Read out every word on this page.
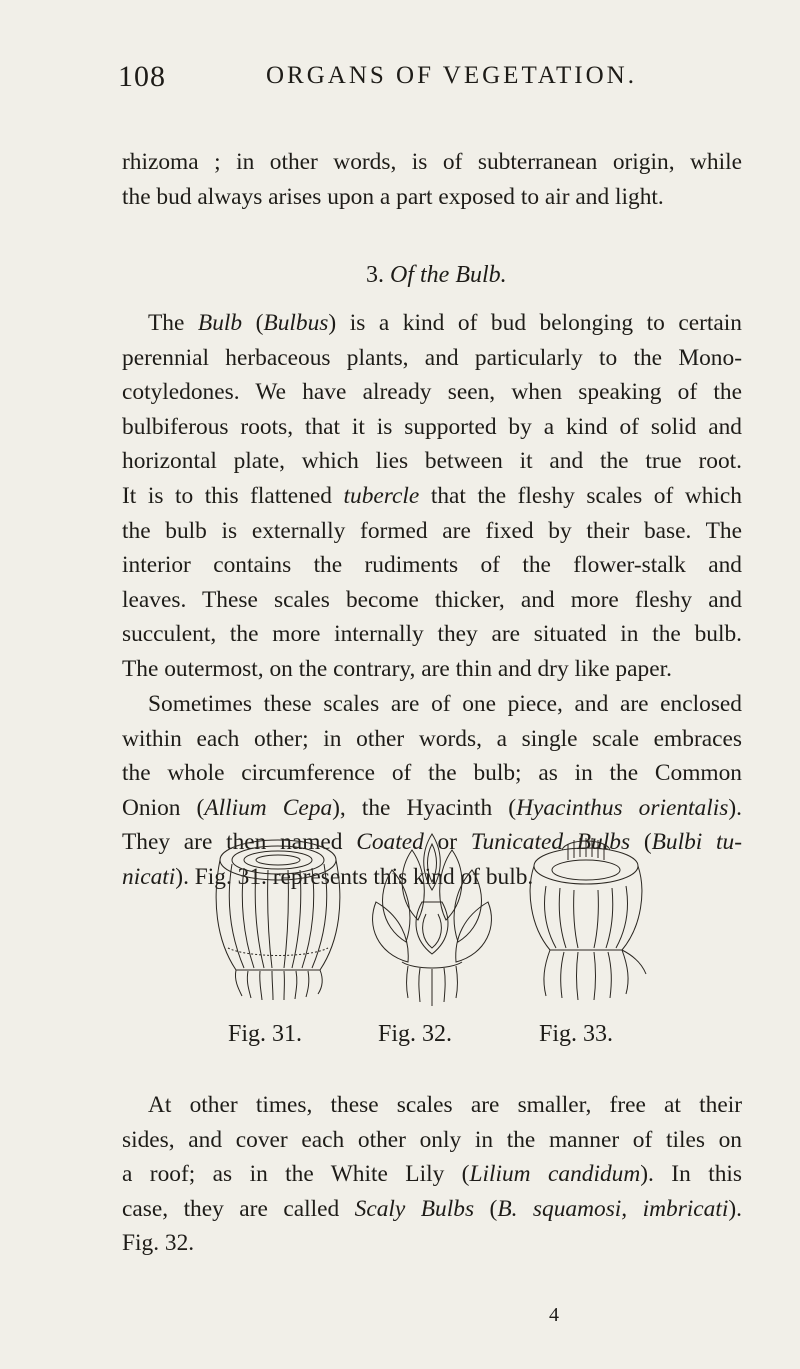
108	ORGANS OF VEGETATION.

rhizoma ; in other words, is of subterranean origin, while

the bud always arises upon a part exposed to air and light.

3. Of the Bulb.

The Bulb (Bulbus) is a kind of bud belonging to certain

perennial herbaceous plants, and particularly to the Mono-

cotyledones. We have already seen, when speaking of the

bulbiferous roots, that it is supported by a kind of solid and

horizontal plate, which lies between it and the true root.

It is to this flattened tubercle that the fleshy scales of which

the bulb is externally formed are fixed by their base. The

interior contains the rudiments of the flower-stalk and

leaves. These scales become thicker, and more fleshy and

succulent, the more internally they are situated in the bulb.

The outermost, on the contrary, are thin and dry like paper.

Sometimes these scales are of one piece, and are enclosed

within each other; in other words, a single scale embraces

the whole circumference of the bulb; as in the Common

Onion (Allium Cepa), the Hyacinth (Hyacinthus orientalis).

They are then named Coated or Tunicated Bulbs (Bulbi tu-

nicati). Fig. 31. represents this kind of bulb.

Fig. 31.	Fig. 32.	Fig. 33.

At other times, these scales are smaller, free at their

sides, and cover each other only in the manner of tiles on

a roof; as in the White Lily (Lilium candidum). In this

case, they are called Scaly Bulbs (B. squamosi, imbricati).

Fig. 32.

4
